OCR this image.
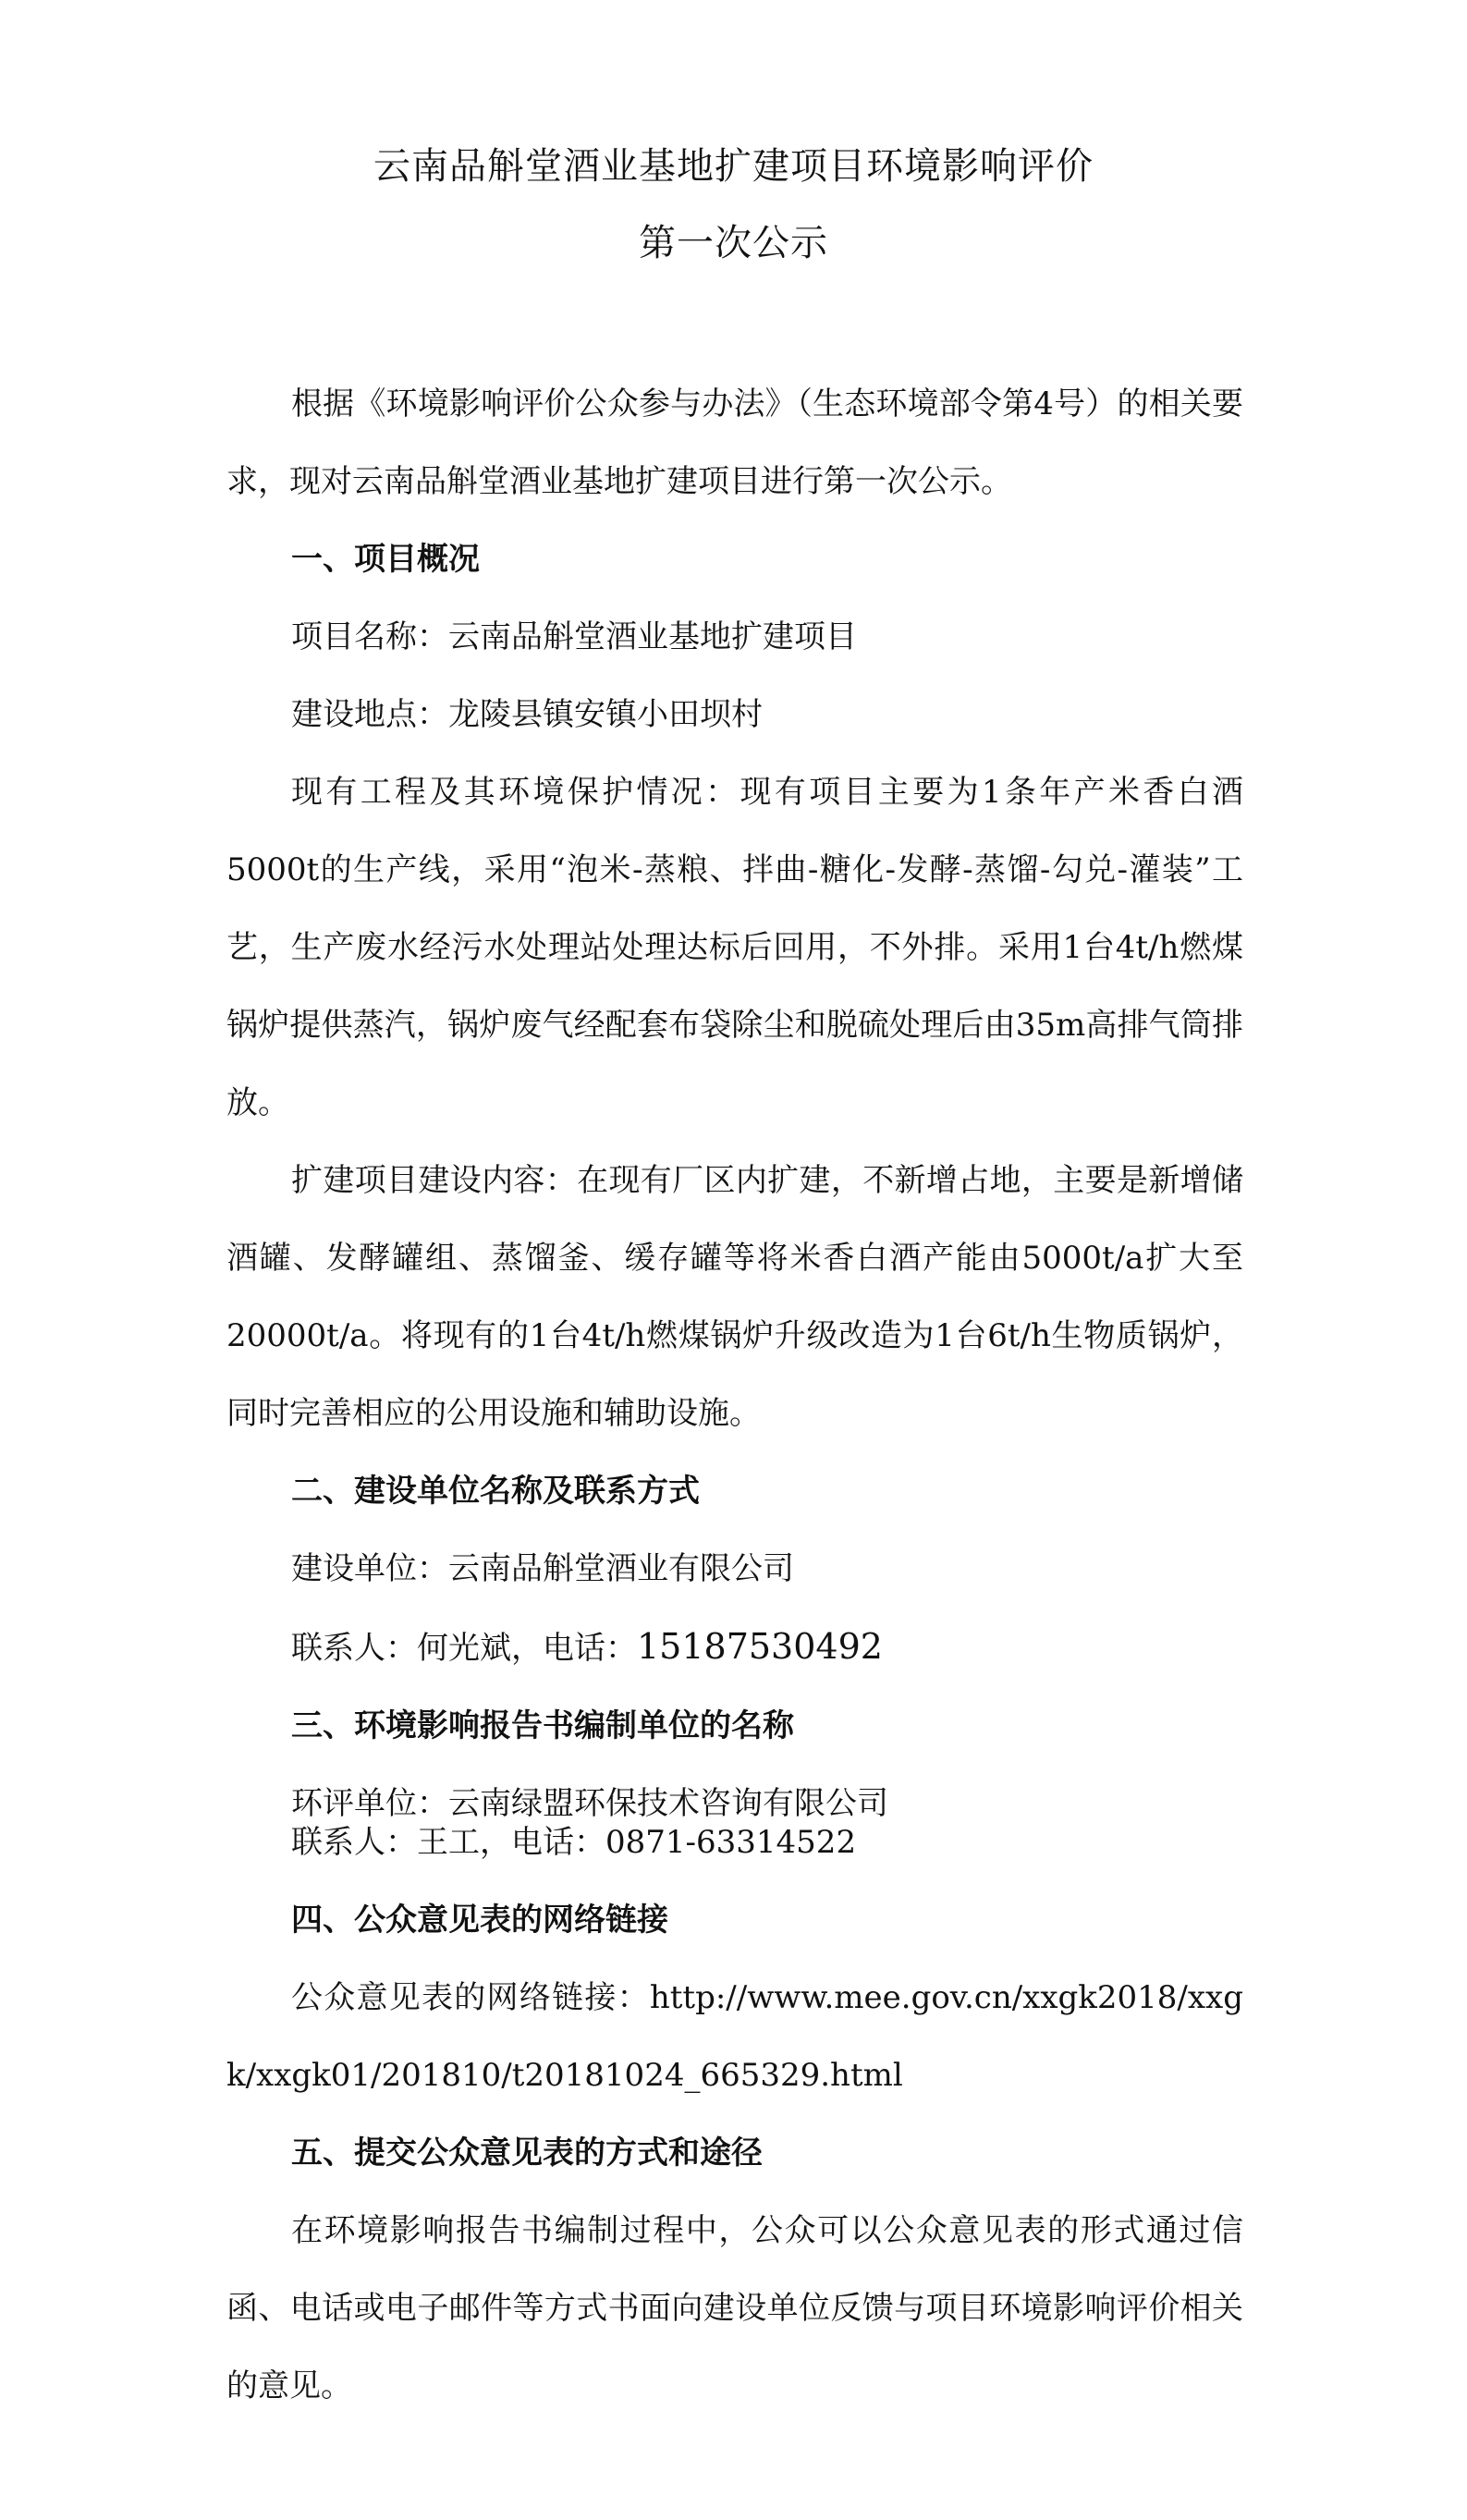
云南品斛堂酒业基地扩建项目环境影响评价
第一次公示

根据《环境影响评价公众参与办法》（生态环境部令第4号）的相关要求，现对云南品斛堂酒业基地扩建项目进行第一次公示。

一、项目概况

项目名称：云南品斛堂酒业基地扩建项目

建设地点：龙陵县镇安镇小田坝村

现有工程及其环境保护情况：现有项目主要为1条年产米香白酒5000t的生产线，采用“泡米-蒸粮、拌曲-糖化-发酵-蒸馏-勾兑-灌装”工艺，生产废水经污水处理站处理达标后回用，不外排。采用1台4t/h燃煤锅炉提供蒸汽，锅炉废气经配套布袋除尘和脱硫处理后由35m高排气筒排放。

扩建项目建设内容：在现有厂区内扩建，不新增占地，主要是新增储酒罐、发酵罐组、蒸馏釜、缓存罐等将米香白酒产能由5000t/a扩大至20000t/a。将现有的1台4t/h燃煤锅炉升级改造为1台6t/h生物质锅炉，同时完善相应的公用设施和辅助设施。

二、建设单位名称及联系方式

建设单位：云南品斛堂酒业有限公司

联系人：何光斌，电话：15187530492

三、环境影响报告书编制单位的名称

环评单位：云南绿盟环保技术咨询有限公司
联系人：王工，电话：0871-63314522

四、公众意见表的网络链接

公众意见表的网络链接：http://www.mee.gov.cn/xxgk2018/xxgk/xxgk01/201810/t20181024_665329.html

五、提交公众意见表的方式和途径

在环境影响报告书编制过程中，公众可以公众意见表的形式通过信函、电话或电子邮件等方式书面向建设单位反馈与项目环境影响评价相关的意见。
